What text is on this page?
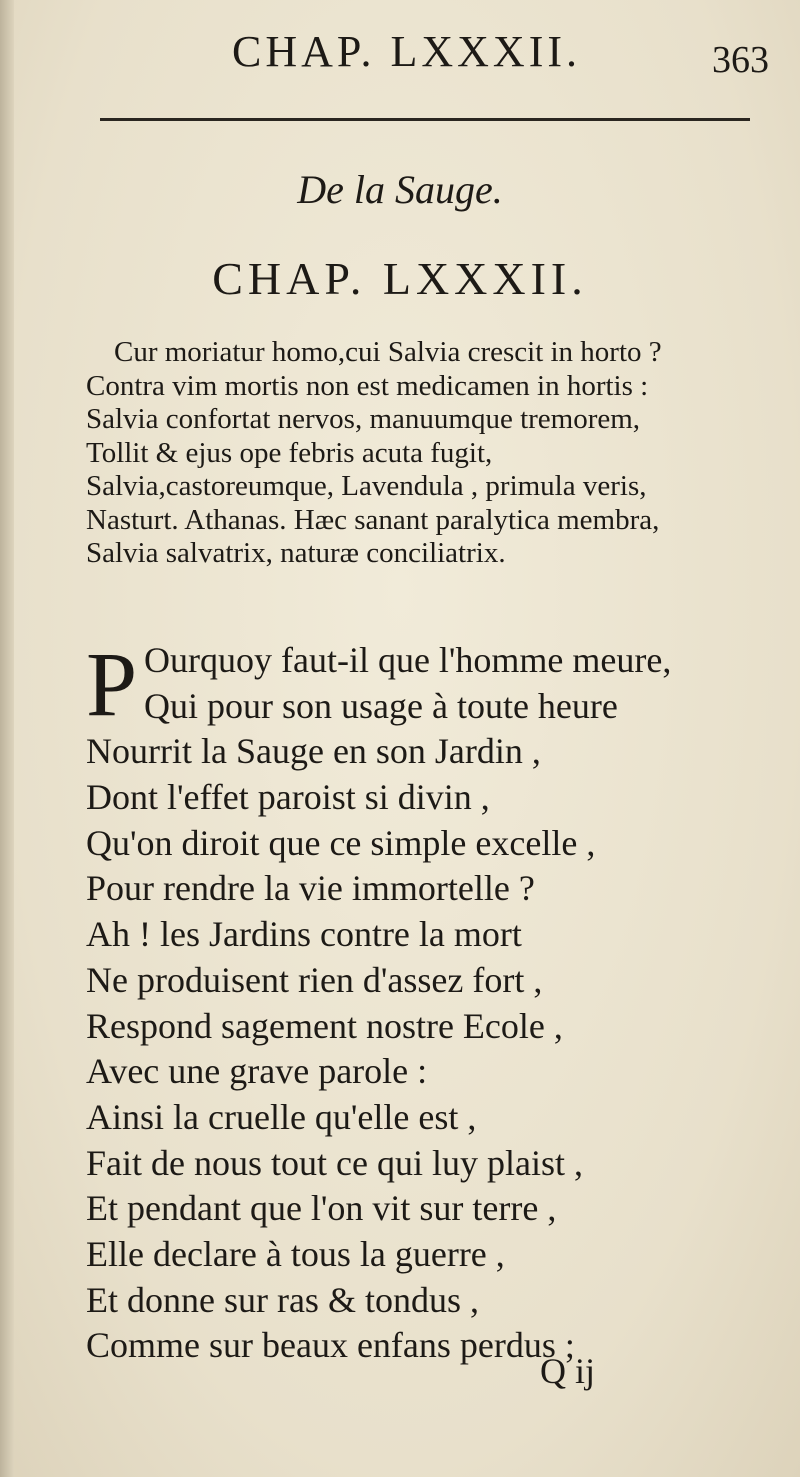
CHAP. LXXXII.	363
De la Sauge.
CHAP. LXXXII.
Cur moriatur homo,cui Salvia crescit in horto ?
Contra vim mortis non est medicamen in hortis :
Salvia confortat nervos, manuumque tremorem,
Tollit & ejus ope febris acuta fugit,
Salvia,castoreumque, Lavendula , primula veris,
Nasturt. Athanas. Hæc sanant paralytica membra,
Salvia salvatrix, naturæ conciliatrix.
P Ourquoy faut-il que l'homme meure,
Qui pour son usage à toute heure
Nourrit la Sauge en son Jardin ,
Dont l'effet paroist si divin ,
Qu'on diroit que ce simple excelle ,
Pour rendre la vie immortelle ?
Ah ! les Jardins contre la mort
Ne produisent rien d'assez fort ,
Respond sagement nostre Ecole ,
Avec une grave parole :
Ainsi la cruelle qu'elle est ,
Fait de nous tout ce qui luy plaist ,
Et pendant que l'on vit sur terre ,
Elle declare à tous la guerre ,
Et donne sur ras & tondus ,
Comme sur beaux enfans perdus ;
Q ij
